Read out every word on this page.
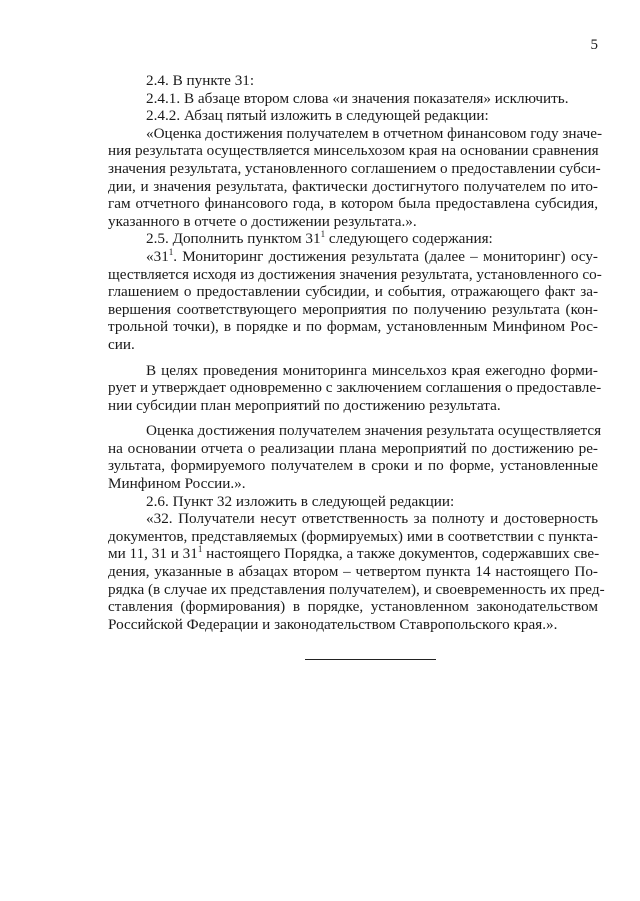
5
2.4. В пункте 31:
2.4.1. В абзаце втором слова «и значения показателя» исключить.
2.4.2. Абзац пятый изложить в следующей редакции:
«Оценка достижения получателем в отчетном финансовом году значе-
ния результата осуществляется минсельхозом края на основании сравнения
значения результата, установленного соглашением о предоставлении субси-
дии, и значения результата, фактически достигнутого получателем по ито-
гам отчетного финансового года, в котором была предоставлена субсидия,
указанного в отчете о достижении результата.».
2.5. Дополнить пунктом $31^1$ следующего содержания:
«$31^1$. Мониторинг достижения результата (далее – мониторинг) осу-
ществляется исходя из достижения значения результата, установленного со-
глашением о предоставлении субсидии, и события, отражающего факт за-
вершения соответствующего мероприятия по получению результата (кон-
трольной точки), в порядке и по формам, установленным Минфином Рос-
сии.
В целях проведения мониторинга минсельхоз края ежегодно форми-
рует и утверждает одновременно с заключением соглашения о предоставле-
нии субсидии план мероприятий по достижению результата.
Оценка достижения получателем значения результата осуществляется
на основании отчета о реализации плана мероприятий по достижению ре-
зультата, формируемого получателем в сроки и по форме, установленные
Минфином России.».
2.6. Пункт 32 изложить в следующей редакции:
«32. Получатели несут ответственность за полноту и достоверность
документов, представляемых (формируемых) ими в соответствии с пункта-
ми 11, 31 и $31^1$ настоящего Порядка, а также документов, содержавших све-
дения, указанные в абзацах втором – четвертом пункта 14 настоящего По-
рядка (в случае их представления получателем), и своевременность их пред-
ставления (формирования) в порядке, установленном законодательством
Российской Федерации и законодательством Ставропольского края.».
